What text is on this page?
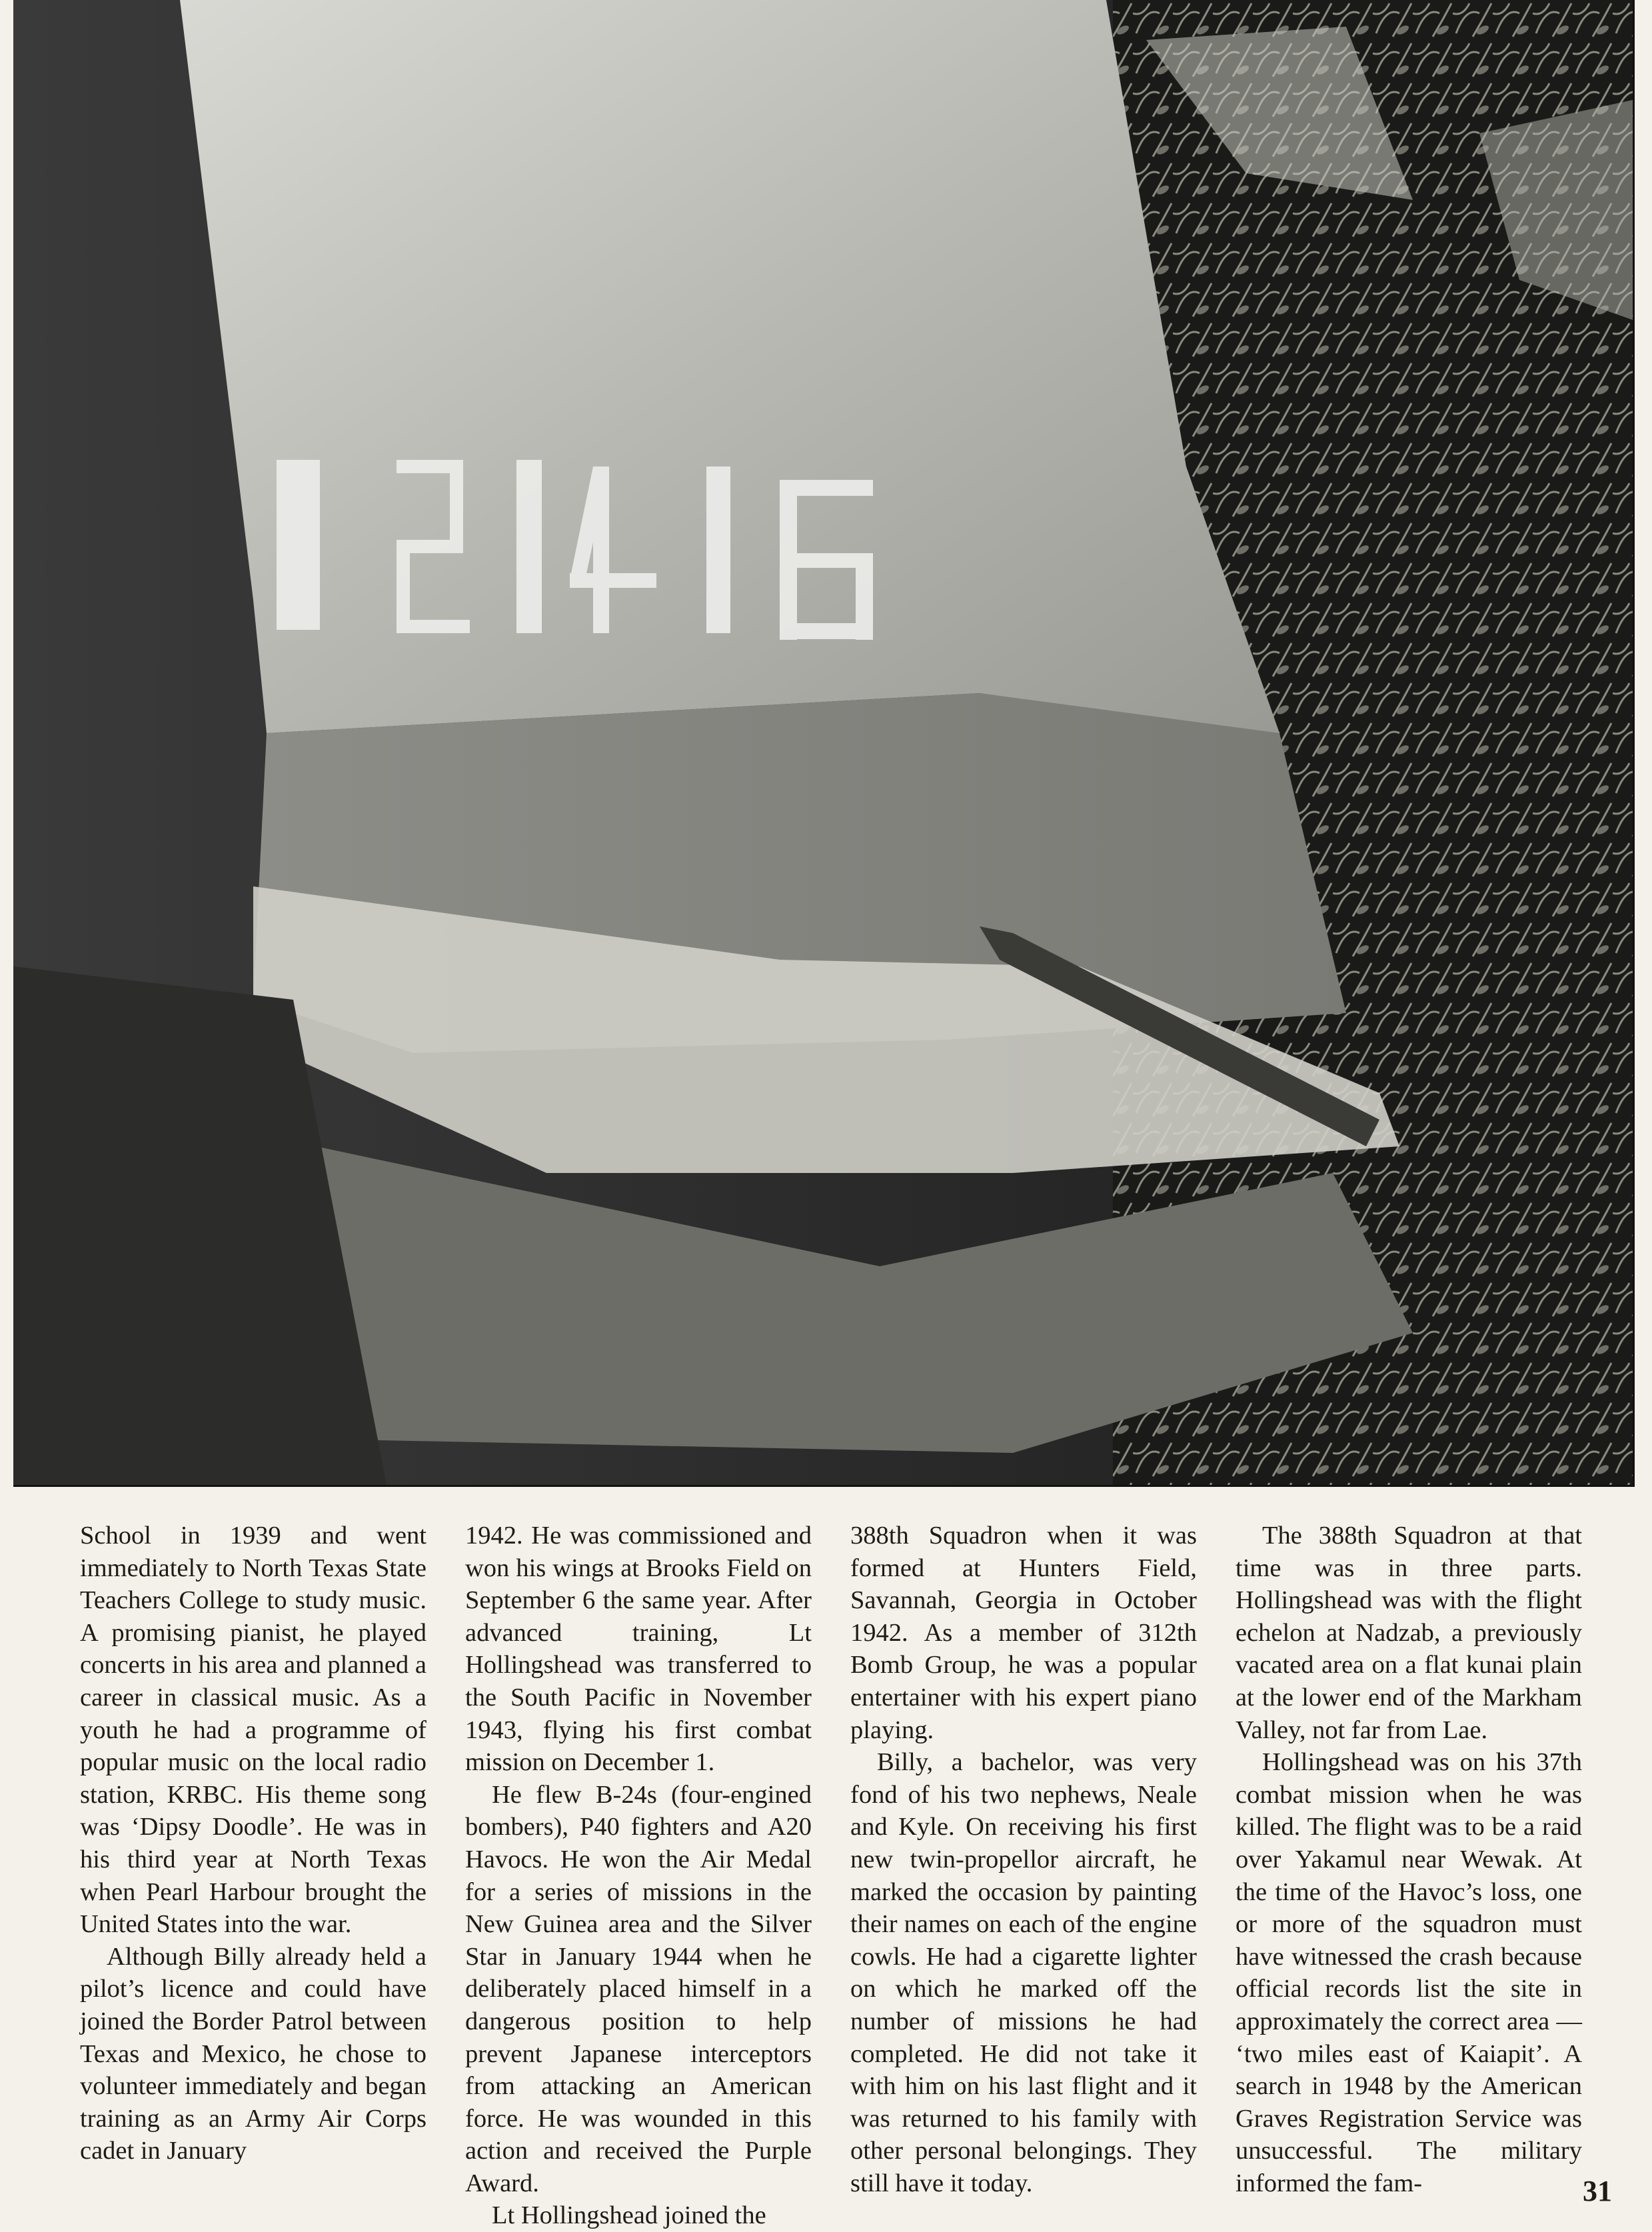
School in 1939 and went immediately to North Texas State Teachers College to study music. A promising pianist, he played concerts in his area and planned a career in classical music. As a youth he had a programme of popular music on the local radio station, KRBC. His theme song was ‘Dipsy Doodle’. He was in his third year at North Texas when Pearl Harbour brought the United States into the war.

Although Billy already held a pilot’s licence and could have joined the Border Patrol between Texas and Mexico, he chose to volunteer immediately and began training as an Army Air Corps cadet in January

1942. He was commissioned and won his wings at Brooks Field on September 6 the same year. After advanced training, Lt Hollingshead was transferred to the South Pacific in November 1943, flying his first combat mission on December 1.

He flew B-24s (four-engined bombers), P40 fighters and A20 Havocs. He won the Air Medal for a series of missions in the New Guinea area and the Silver Star in January 1944 when he deliberately placed himself in a dangerous position to help prevent Japanese interceptors from attacking an American force. He was wounded in this action and received the Purple Award.

Lt Hollingshead joined the

388th Squadron when it was formed at Hunters Field, Savannah, Georgia in October 1942. As a member of 312th Bomb Group, he was a popular entertainer with his expert piano playing.

Billy, a bachelor, was very fond of his two nephews, Neale and Kyle. On receiving his first new twin-propellor aircraft, he marked the occasion by painting their names on each of the engine cowls. He had a cigarette lighter on which he marked off the number of missions he had completed. He did not take it with him on his last flight and it was returned to his family with other personal belongings. They still have it today.

The 388th Squadron at that time was in three parts. Hollingshead was with the flight echelon at Nadzab, a previously vacated area on a flat kunai plain at the lower end of the Markham Valley, not far from Lae.

Hollingshead was on his 37th combat mission when he was killed. The flight was to be a raid over Yakamul near Wewak. At the time of the Havoc’s loss, one or more of the squadron must have witnessed the crash because official records list the site in approximately the correct area — ‘two miles east of Kaiapit’. A search in 1948 by the American Graves Registration Service was unsuccessful. The military informed the fam-	31
